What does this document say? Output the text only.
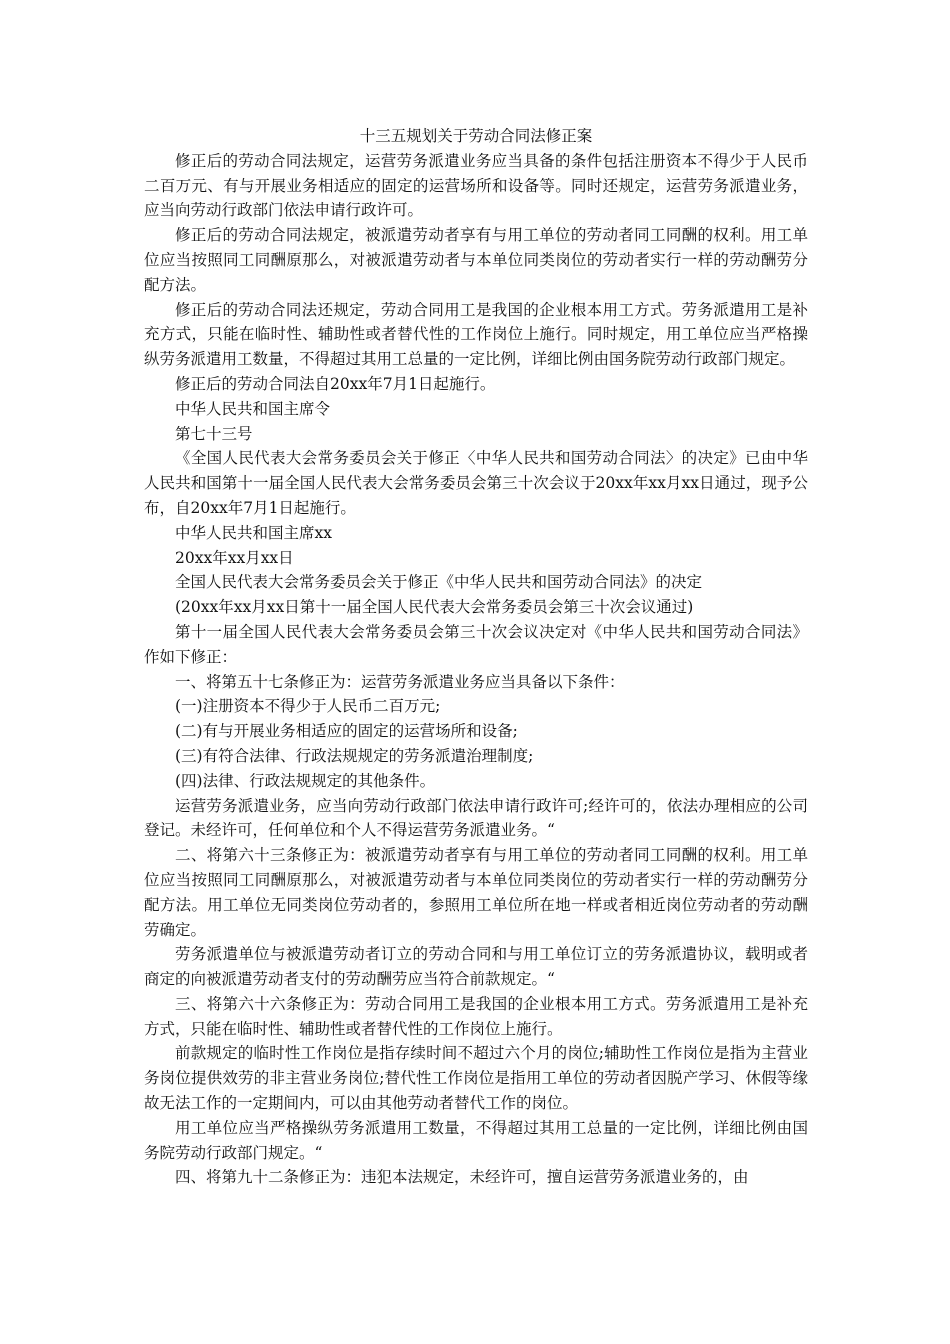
十三五规划关于劳动合同法修正案

修正后的劳动合同法规定，运营劳务派遣业务应当具备的条件包括注册资本不得少于人民币二百万元、有与开展业务相适应的固定的运营场所和设备等。同时还规定，运营劳务派遣业务，应当向劳动行政部门依法申请行政许可。

修正后的劳动合同法规定，被派遣劳动者享有与用工单位的劳动者同工同酬的权利。用工单位应当按照同工同酬原那么，对被派遣劳动者与本单位同类岗位的劳动者实行一样的劳动酬劳分配方法。

修正后的劳动合同法还规定，劳动合同用工是我国的企业根本用工方式。劳务派遣用工是补充方式，只能在临时性、辅助性或者替代性的工作岗位上施行。同时规定，用工单位应当严格操纵劳务派遣用工数量，不得超过其用工总量的一定比例，详细比例由国务院劳动行政部门规定。

修正后的劳动合同法自20xx年7月1日起施行。

中华人民共和国主席令

第七十三号

《全国人民代表大会常务委员会关于修正〈中华人民共和国劳动合同法〉的决定》已由中华人民共和国第十一届全国人民代表大会常务委员会第三十次会议于20xx年xx月xx日通过，现予公布，自20xx年7月1日起施行。

中华人民共和国主席xx

20xx年xx月xx日

全国人民代表大会常务委员会关于修正《中华人民共和国劳动合同法》的决定

(20xx年xx月xx日第十一届全国人民代表大会常务委员会第三十次会议通过)

第十一届全国人民代表大会常务委员会第三十次会议决定对《中华人民共和国劳动合同法》作如下修正：

一、将第五十七条修正为：运营劳务派遣业务应当具备以下条件：

(一)注册资本不得少于人民币二百万元;

(二)有与开展业务相适应的固定的运营场所和设备;

(三)有符合法律、行政法规规定的劳务派遣治理制度;

(四)法律、行政法规规定的其他条件。

运营劳务派遣业务，应当向劳动行政部门依法申请行政许可;经许可的，依法办理相应的公司登记。未经许可，任何单位和个人不得运营劳务派遣业务。“

二、将第六十三条修正为：被派遣劳动者享有与用工单位的劳动者同工同酬的权利。用工单位应当按照同工同酬原那么，对被派遣劳动者与本单位同类岗位的劳动者实行一样的劳动酬劳分配方法。用工单位无同类岗位劳动者的，参照用工单位所在地一样或者相近岗位劳动者的劳动酬劳确定。

劳务派遣单位与被派遣劳动者订立的劳动合同和与用工单位订立的劳务派遣协议，载明或者商定的向被派遣劳动者支付的劳动酬劳应当符合前款规定。“

三、将第六十六条修正为：劳动合同用工是我国的企业根本用工方式。劳务派遣用工是补充方式，只能在临时性、辅助性或者替代性的工作岗位上施行。

前款规定的临时性工作岗位是指存续时间不超过六个月的岗位;辅助性工作岗位是指为主营业务岗位提供效劳的非主营业务岗位;替代性工作岗位是指用工单位的劳动者因脱产学习、休假等缘故无法工作的一定期间内，可以由其他劳动者替代工作的岗位。

用工单位应当严格操纵劳务派遣用工数量，不得超过其用工总量的一定比例，详细比例由国务院劳动行政部门规定。“

四、将第九十二条修正为：违犯本法规定，未经许可，擅自运营劳务派遣业务的，由
